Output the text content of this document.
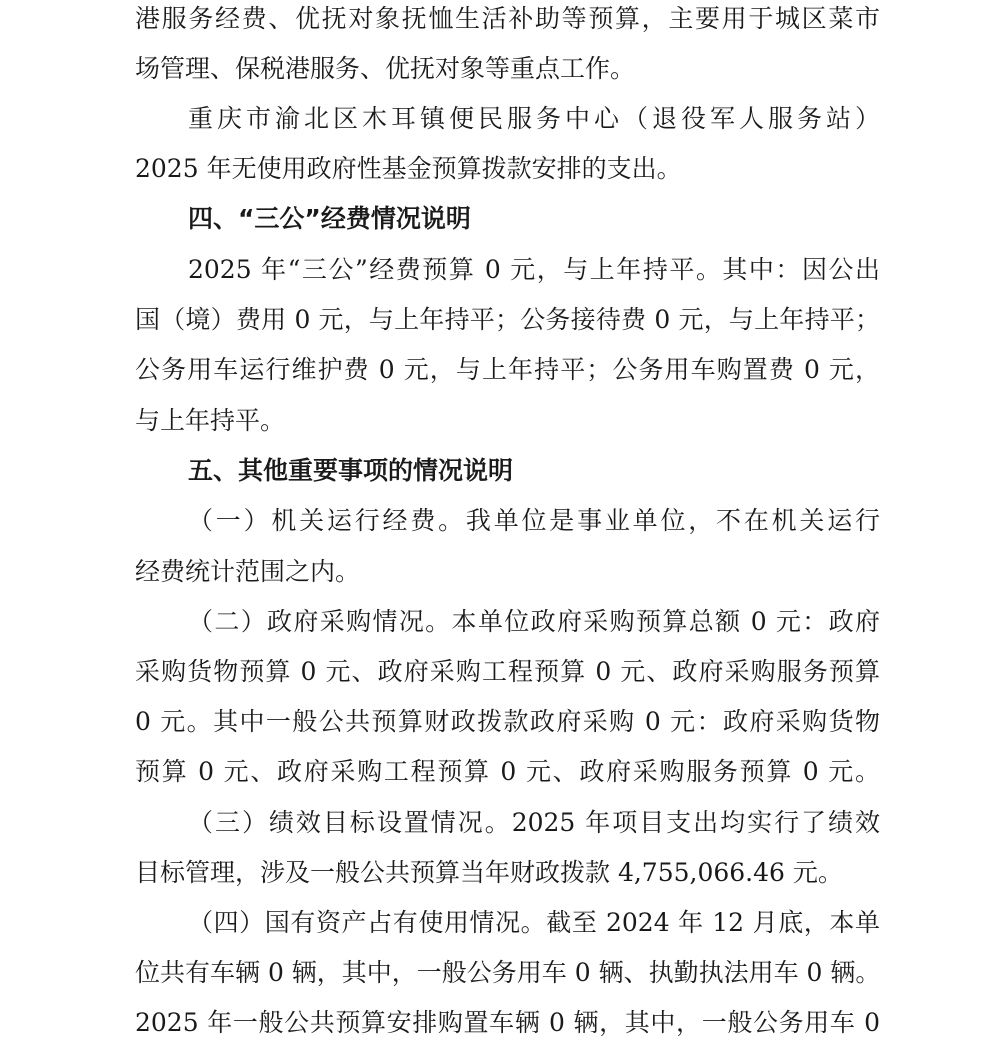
港服务经费、优抚对象抚恤生活补助等预算，主要用于城区菜市
场管理、保税港服务、优抚对象等重点工作。
重庆市渝北区木耳镇便民服务中心（退役军人服务站）
2025 年无使用政府性基金预算拨款安排的支出。
四、“三公”经费情况说明
2025 年“三公”经费预算 0 元，与上年持平。其中：因公出
国（境）费用 0 元，与上年持平；公务接待费 0 元，与上年持平；
公务用车运行维护费 0 元，与上年持平；公务用车购置费 0 元，
与上年持平。
五、其他重要事项的情况说明
（一）机关运行经费。我单位是事业单位，不在机关运行
经费统计范围之内。
（二）政府采购情况。本单位政府采购预算总额 0 元：政府
采购货物预算 0 元、政府采购工程预算 0 元、政府采购服务预算
0 元。其中一般公共预算财政拨款政府采购 0 元：政府采购货物
预算 0 元、政府采购工程预算 0 元、政府采购服务预算 0 元。
（三）绩效目标设置情况。2025 年项目支出均实行了绩效
目标管理，涉及一般公共预算当年财政拨款 4,755,066.46 元。
（四）国有资产占有使用情况。截至 2024 年 12 月底，本单
位共有车辆 0 辆，其中，一般公务用车 0 辆、执勤执法用车 0 辆。
2025 年一般公共预算安排购置车辆 0 辆，其中，一般公务用车 0
